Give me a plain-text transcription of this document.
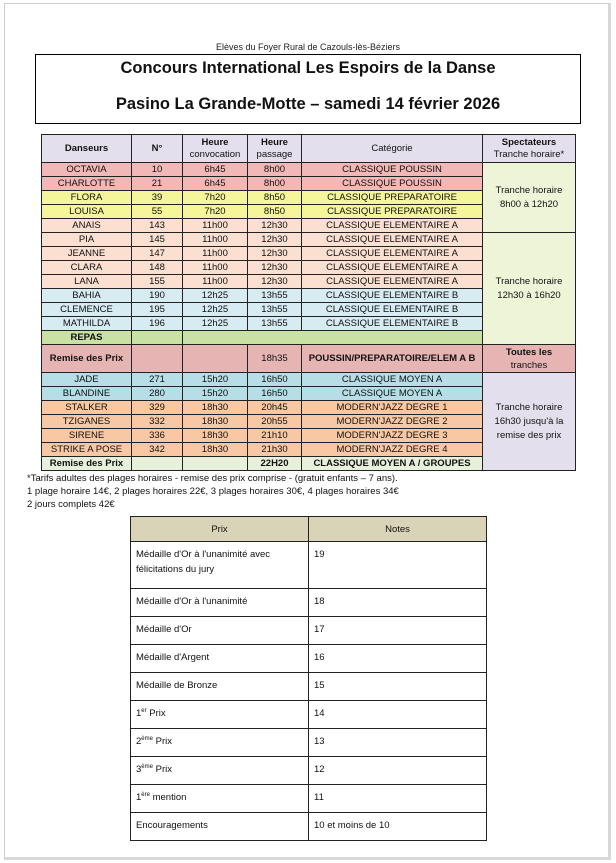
Elèves du Foyer Rural de Cazouls-lès-Béziers
Concours International Les Espoirs de la Danse
Pasino La Grande-Motte – samedi 14 février 2026
Danseurs	N°	Heure
convocation	Heure
passage	Catégorie	Spectateurs
Tranche horaire*
OCTAVIA	10	6h45	8h00	CLASSIQUE POUSSIN	Tranche horaire
8h00 à 12h20
CHARLOTTE	21	6h45	8h00	CLASSIQUE POUSSIN	
FLORA	39	7h20	8h50	CLASSIQUE PREPARATOIRE	
LOUISA	55	7h20	8h50	CLASSIQUE PREPARATOIRE	
ANAIS	143	11h00	12h30	CLASSIQUE ELEMENTAIRE A	
PIA	145	11h00	12h30	CLASSIQUE ELEMENTAIRE A	Tranche horaire
12h30 à 16h20
JEANNE	147	11h00	12h30	CLASSIQUE ELEMENTAIRE A	
CLARA	148	11h00	12h30	CLASSIQUE ELEMENTAIRE A	
LANA	155	11h00	12h30	CLASSIQUE ELEMENTAIRE A	
BAHIA	190	12h25	13h55	CLASSIQUE ELEMENTAIRE B	
CLEMENCE	195	12h25	13h55	CLASSIQUE ELEMENTAIRE B	
MATHILDA	196	12h25	13h55	CLASSIQUE ELEMENTAIRE B	
REPAS					
Remise des Prix			18h35	POUSSIN/PREPARATOIRE/ELEM A B	Toutes les
tranches
JADE	271	15h20	16h50	CLASSIQUE MOYEN A	Tranche horaire
16h30 jusqu'à la
remise des prix
BLANDINE	280	15h20	16h50	CLASSIQUE MOYEN A	
STALKER	329	18h30	20h45	MODERN'JAZZ DEGRE 1	
TZIGANES	332	18h30	20h55	MODERN'JAZZ DEGRE 2	
SIRENE	336	18h30	21h10	MODERN'JAZZ DEGRE 3	
STRIKE A POSE	342	18h30	21h30	MODERN'JAZZ DEGRE 4	
Remise des Prix			22H20	CLASSIQUE MOYEN A / GROUPES	
*Tarifs adultes des plages horaires - remise des prix comprise - (gratuit enfants – 7 ans).
1 plage horaire 14€, 2 plages horaires 22€, 3 plages horaires 30€, 4 plages horaires 34€
2 jours complets 42€
Prix	Notes
Médaille d'Or à l'unanimité avec félicitations du jury	19
Médaille d'Or à l'unanimité	18
Médaille d'Or	17
Médaille d'Argent	16
Médaille de Bronze	15
1er Prix	14
2ème Prix	13
3ème Prix	12
1ère mention	11
Encouragements	10 et moins de 10
